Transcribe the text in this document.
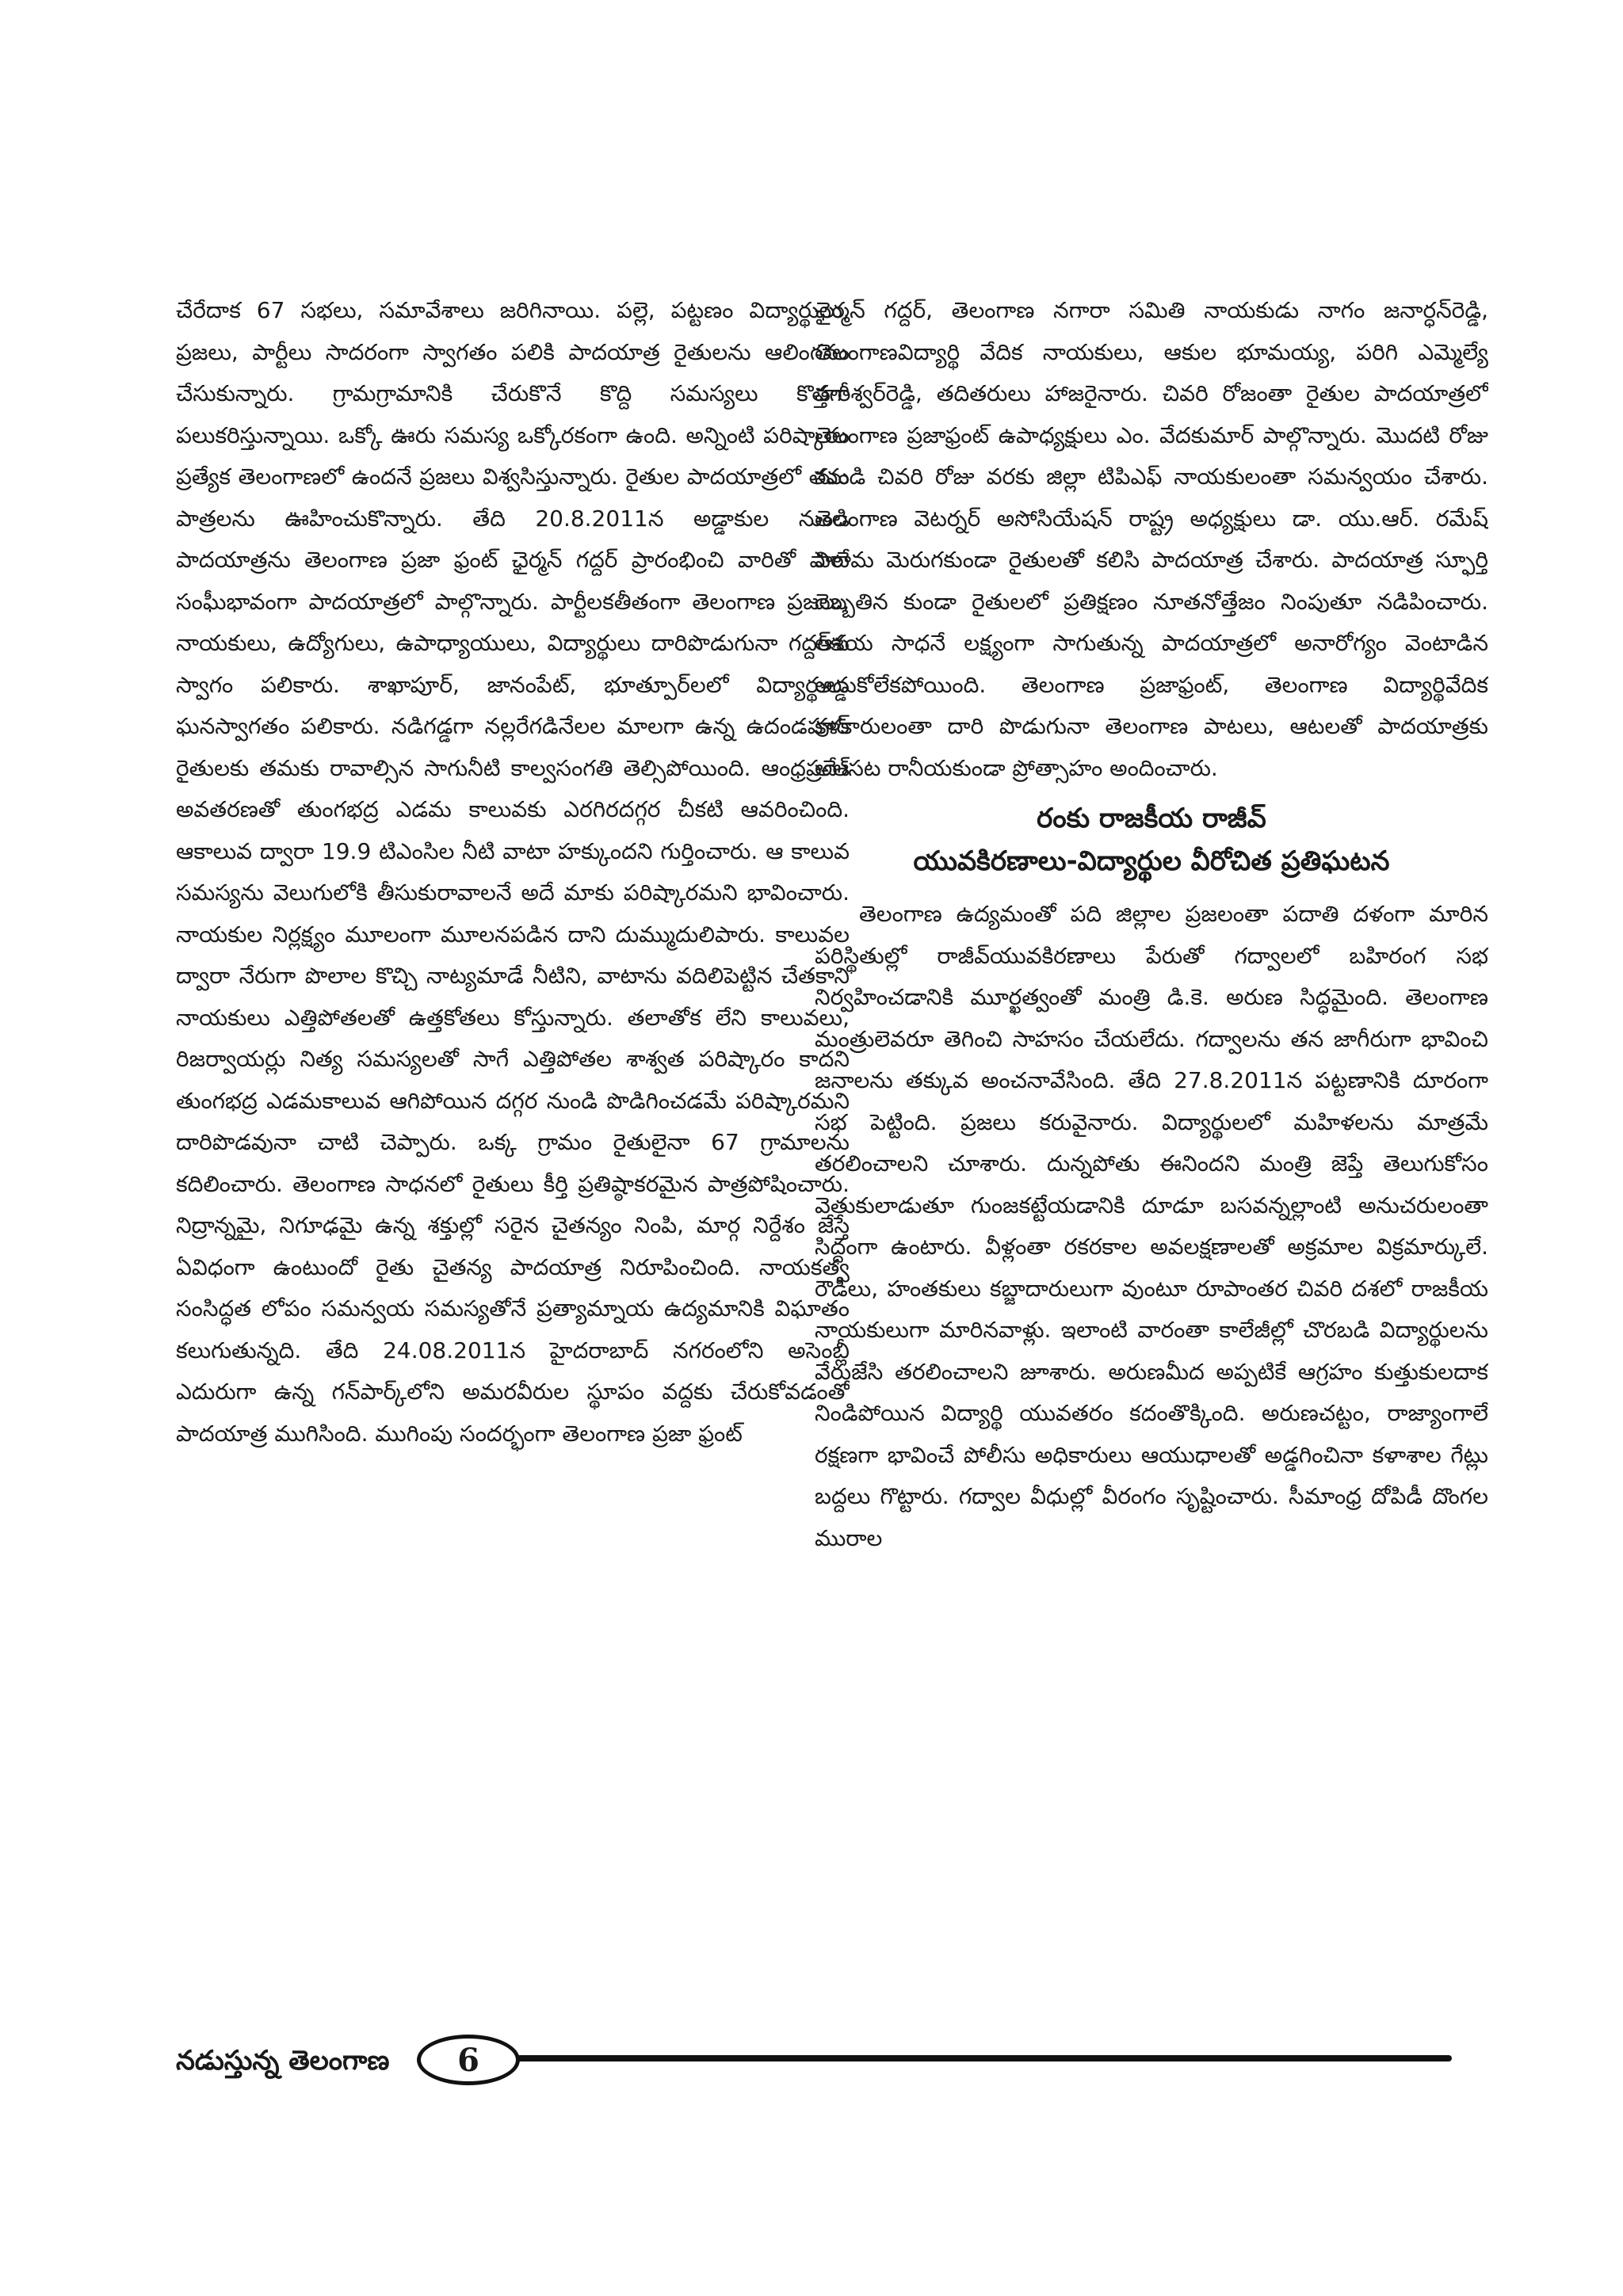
చేరేదాక 67 సభలు, సమావేశాలు జరిగినాయి. పల్లె, పట్టణం విద్యార్థులు, ప్రజలు, పార్టీలు సాదరంగా స్వాగతం పలికి పాదయాత్ర రైతులను ఆలింగనం చేసుకున్నారు. గ్రామగ్రామానికి చేరుకొనే కొద్ది సమస్యలు కొత్తగా పలుకరిస్తున్నాయి. ఒక్కో ఊరు సమస్య ఒక్కోరకంగా ఉంది. అన్నింటి పరిష్కారం ప్రత్యేక తెలంగాణలో ఉందనే ప్రజలు విశ్వసిస్తున్నారు. రైతుల పాదయాత్రలో తమ పాత్రలను ఊహించుకొన్నారు. తేది 20.8.2011న అడ్డాకుల నుండి పాదయాత్రను తెలంగాణ ప్రజా ఫ్రంట్ ఛైర్మన్ గద్దర్ ప్రారంభించి వారితో పాటే సంఘీభావంగా పాదయాత్రలో పాల్గొన్నారు. పార్టీలకతీతంగా తెలంగాణ ప్రజలు, నాయకులు, ఉద్యోగులు, ఉపాధ్యాయులు, విద్యార్థులు దారిపొడుగునా గద్దర్‌కు స్వాగం పలికారు. శాఖాపూర్, జానంపేట్, భూత్పూర్‌లలో విద్యార్థులు ఘనస్వాగతం పలికారు. నడిగడ్డగా నల్లరేగడినేలల మాలగా ఉన్న ఉదండపూర్ రైతులకు తమకు రావాల్సిన సాగునీటి కాల్వసంగతి తెల్సిపోయింది. ఆంధ్రప్రదేశ్ అవతరణతో తుంగభద్ర ఎడమ కాలువకు ఎరగిరదగ్గర చీకటి ఆవరించింది. ఆకాలువ ద్వారా 19.9 టిఎంసిల నీటి వాటా హక్కుందని గుర్తించారు. ఆ కాలువ సమస్యను వెలుగులోకి తీసుకురావాలనే అదే మాకు పరిష్కారమని భావించారు. నాయకుల నిర్లక్ష్యం మూలంగా మూలనపడిన దాని దుమ్ముదులిపారు. కాలువల ద్వారా నేరుగా పొలాల కొచ్చి నాట్యమాడే నీటిని, వాటాను వదిలిపెట్టిన చేతకాని నాయకులు ఎత్తిపోతలతో ఉత్తకోతలు కోస్తున్నారు. తలాతోక లేని కాలువలు, రిజర్వాయర్లు నిత్య సమస్యలతో సాగే ఎత్తిపోతల శాశ్వత పరిష్కారం కాదని తుంగభద్ర ఎడమకాలువ ఆగిపోయిన దగ్గర నుండి పొడిగించడమే పరిష్కారమని దారిపొడవునా చాటి చెప్పారు. ఒక్క గ్రామం రైతులైనా 67 గ్రామాలను కదిలించారు. తెలంగాణ సాధనలో రైతులు కీర్తి ప్రతిష్ఠాకరమైన పాత్రపోషించారు. నిద్రాన్నమై, నిగూఢమై ఉన్న శక్తుల్లో సరైన చైతన్యం నింపి, మార్గ నిర్దేశం జేస్తే ఏవిధంగా ఉంటుందో రైతు చైతన్య పాదయాత్ర నిరూపించింది. నాయకత్వ సంసిద్ధత లోపం సమన్వయ సమస్యతోనే ప్రత్యామ్నాయ ఉద్యమానికి విఘాతం కలుగుతున్నది. తేది 24.08.2011న హైదరాబాద్ నగరంలోని అసెంబ్లీ ఎదురుగా ఉన్న గన్‌పార్క్‌లోని అమరవీరుల స్థూపం వద్దకు చేరుకోవడంతో పాదయాత్ర ముగిసింది. ముగింపు సందర్భంగా తెలంగాణ ప్రజా ఫ్రంట్

ఛైర్మన్ గద్దర్, తెలంగాణ నగారా సమితి నాయకుడు నాగం జనార్ధన్‌రెడ్డి, తెలంగాణవిద్యార్థి వేదిక నాయకులు, ఆకుల భూమయ్య, పరిగి ఎమ్మెల్యే హరీశ్వర్‌రెడ్డి, తదితరులు హాజరైనారు. చివరి రోజంతా రైతుల పాదయాత్రలో తెలంగాణ ప్రజాఫ్రంట్ ఉపాధ్యక్షులు ఎం. వేదకుమార్ పాల్గొన్నారు. మొదటి రోజు నుండి చివరి రోజు వరకు జిల్లా టిపిఎఫ్ నాయకులంతా సమన్వయం చేశారు. తెలంగాణ వెటర్నర్ అసోసియేషన్ రాష్ట్ర అధ్యక్షులు డా. యు.ఆర్. రమేష్ విరామ మెరుగకుండా రైతులతో కలిసి పాదయాత్ర చేశారు. పాదయాత్ర స్ఫూర్తి దెబ్బతిన కుండా రైతులలో ప్రతిక్షణం నూతనోత్తేజం నింపుతూ నడిపించారు. ఆశయ సాధనే లక్ష్యంగా సాగుతున్న పాదయాత్రలో అనారోగ్యం వెంటాడిన అడ్డుకోలేకపోయింది. తెలంగాణ ప్రజాఫ్రంట్, తెలంగాణ విద్యార్థివేదిక కళకారులంతా దారి పొడుగునా తెలంగాణ పాటలు, ఆటలతో పాదయాత్రకు అలసట రానీయకుండా ప్రోత్సాహం అందించారు.

రంకు రాజకీయ రాజీవ్
యువకిరణాలు-విద్యార్థుల వీరోచిత ప్రతిఘటన

తెలంగాణ ఉద్యమంతో పది జిల్లాల ప్రజలంతా పదాతి దళంగా మారిన పరిస్థితుల్లో రాజీవ్‌యువకిరణాలు పేరుతో గద్వాలలో బహిరంగ సభ నిర్వహించడానికి మూర్ఖత్వంతో మంత్రి డి.కె. అరుణ సిద్ధమైంది. తెలంగాణ మంత్రులెవరూ తెగించి సాహసం చేయలేదు. గద్వాలను తన జాగీరుగా భావించి జనాలను తక్కువ అంచనావేసింది. తేది 27.8.2011న పట్టణానికి దూరంగా సభ పెట్టింది. ప్రజలు కరువైనారు. విద్యార్థులలో మహిళలను మాత్రమే తరలించాలని చూశారు. దున్నపోతు ఈనిందని మంత్రి జెప్తే తెలుగుకోసం వెతుకులాడుతూ గుంజకట్టేయడానికి దూడూ బసవన్నల్లాంటి అనుచరులంతా సిద్ధంగా ఉంటారు. వీళ్లంతా రకరకాల అవలక్షణాలతో అక్రమాల విక్రమార్కులే. రౌడీలు, హంతకులు కబ్జాదారులుగా వుంటూ రూపాంతర చివరి దశలో రాజకీయ నాయకులుగా మారినవాళ్లు. ఇలాంటి వారంతా కాలేజీల్లో చొరబడి విద్యార్థులను వేరుజేసి తరలించాలని జూశారు. అరుణమీద అప్పటికే ఆగ్రహం కుత్తుకులదాక నిండిపోయిన విద్యార్థి యువతరం కదంతొక్కింది. అరుణచట్టం, రాజ్యాంగాలే రక్షణగా భావించే పోలీసు అధికారులు ఆయుధాలతో అడ్డగించినా కళాశాల గేట్లు బద్దలు గొట్టారు. గద్వాల వీధుల్లో వీరంగం సృష్టించారు. సీమాంధ్ర దోపిడీ దొంగల మురాల

నడుస్తున్న తెలంగాణ 6
